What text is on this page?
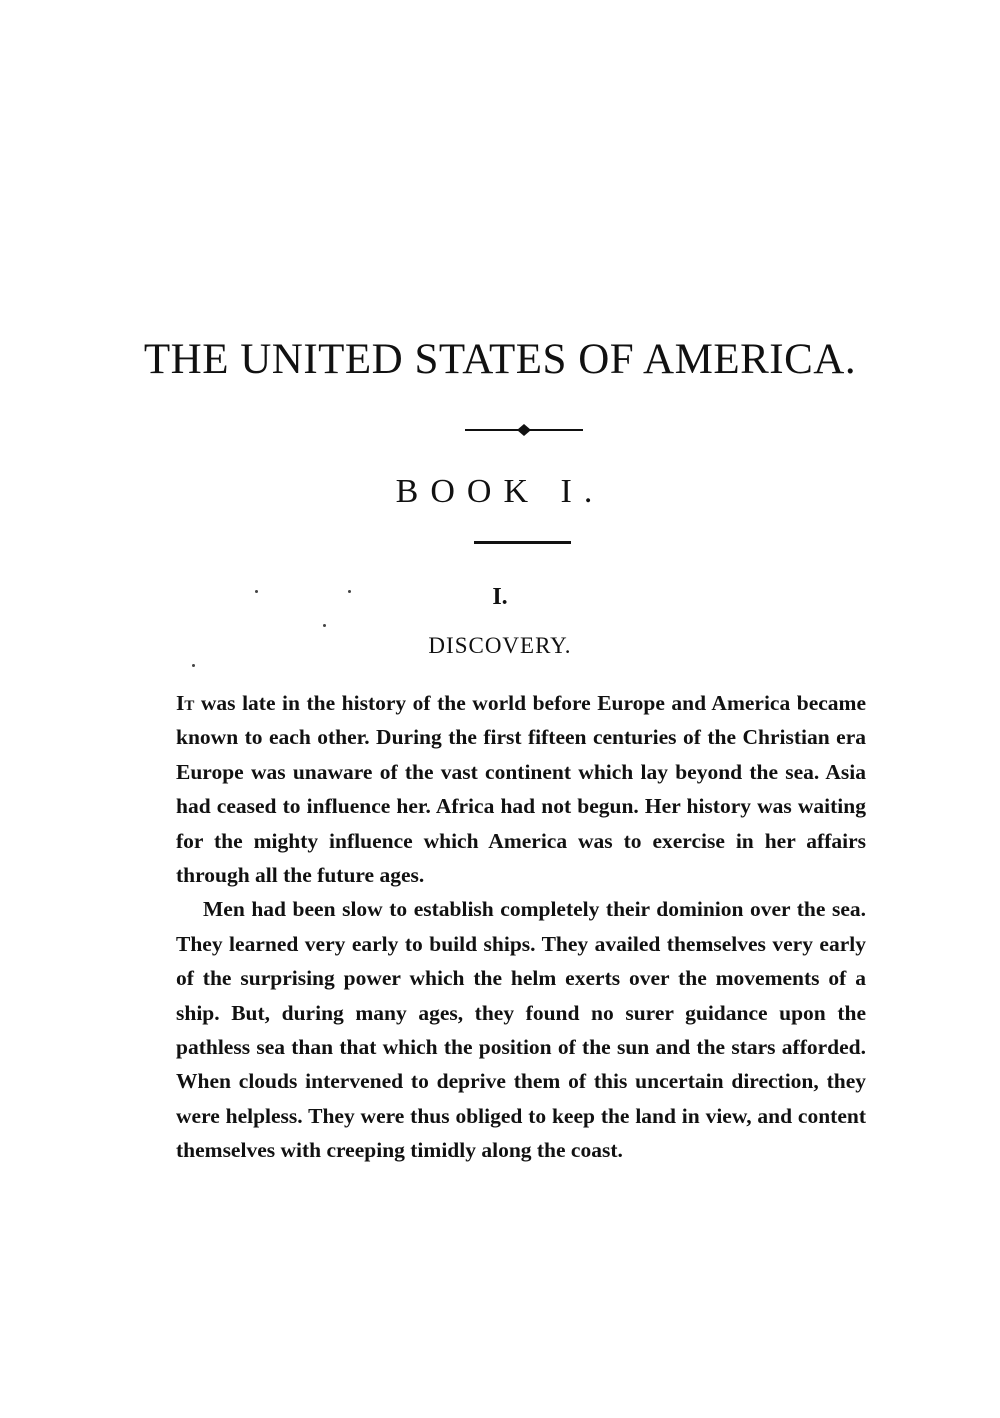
THE UNITED STATES OF AMERICA.
BOOK I.
I.
DISCOVERY.

It was late in the history of the world before Europe and America became known to each other. During the first fifteen centuries of the Christian era Europe was unaware of the vast continent which lay beyond the sea. Asia had ceased to influence her. Africa had not begun. Her history was waiting for the mighty influence which America was to exercise in her affairs through all the future ages.

Men had been slow to establish completely their dominion over the sea. They learned very early to build ships. They availed themselves very early of the surprising power which the helm exerts over the movements of a ship. But, during many ages, they found no surer guidance upon the pathless sea than that which the position of the sun and the stars afforded. When clouds intervened to deprive them of this uncertain direction, they were helpless. They were thus obliged to keep the land in view, and content themselves with creeping timidly along the coast.
